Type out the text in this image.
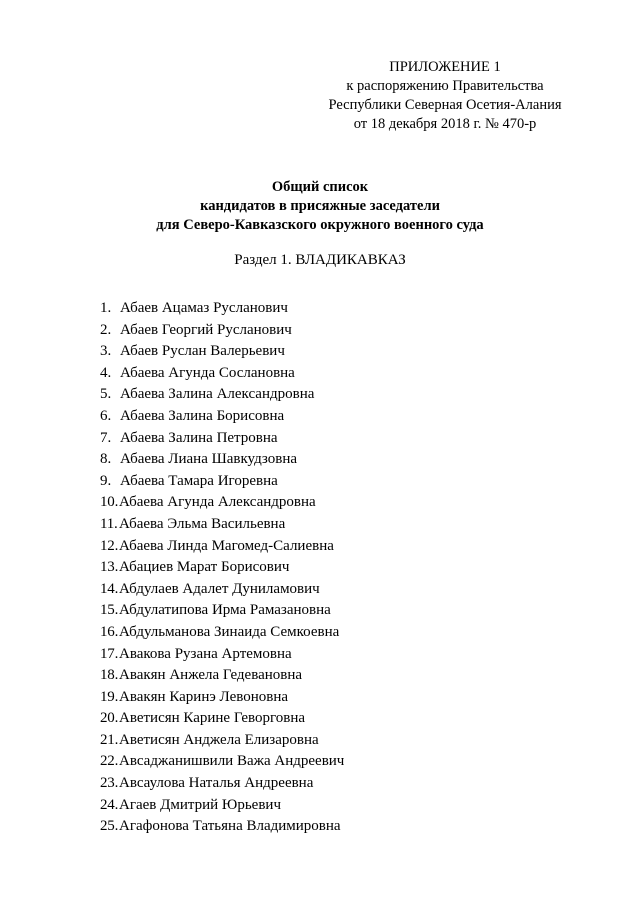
ПРИЛОЖЕНИЕ 1
к распоряжению Правительства
Республики Северная Осетия-Алания
от 18 декабря 2018 г. № 470-р
Общий список
кандидатов в присяжные заседатели
для Северо-Кавказского окружного военного суда
Раздел 1. ВЛАДИКАВКАЗ
1. Абаев Ацамаз Русланович
2. Абаев Георгий Русланович
3. Абаев Руслан Валерьевич
4. Абаева Агунда Сослановна
5. Абаева Залина Александровна
6. Абаева Залина Борисовна
7. Абаева Залина Петровна
8. Абаева Лиана Шавкудзовна
9. Абаева Тамара Игоревна
10. Абаева Агунда Александровна
11. Абаева Эльма Васильевна
12. Абаева Линда Магомед-Салиевна
13. Абациев Марат Борисович
14. Абдулаев Адалет Дуниламович
15. Абдулатипова Ирма Рамазановна
16. Абдульманова Зинаида Семкоевна
17. Авакова Рузана Артемовна
18. Авакян Анжела Гедевановна
19. Авакян Каринэ Левоновна
20. Аветисян Карине Геворговна
21. Аветисян Анджела Елизаровна
22. Авсаджанишвили Важа Андреевич
23. Авсаулова Наталья Андреевна
24. Агаев Дмитрий Юрьевич
25. Агафонова Татьяна Владимировна
